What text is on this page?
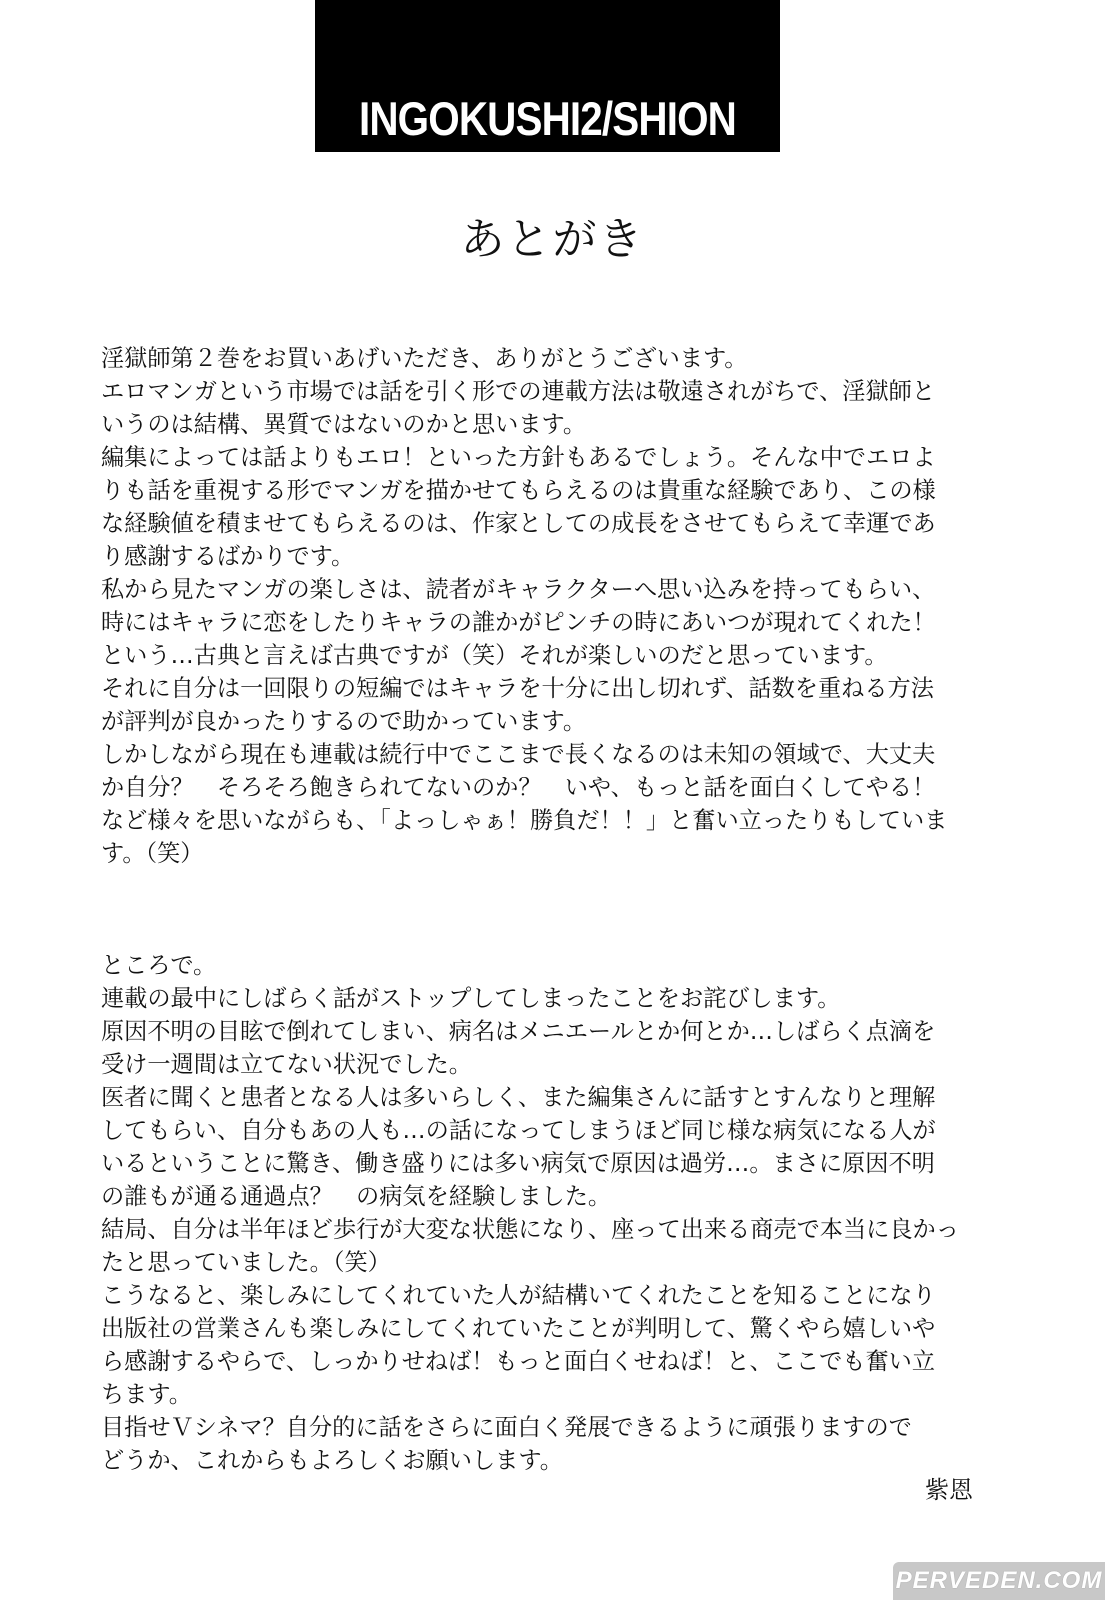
INGOKUSHI2/SHION
あとがき

淫獄師第２巻をお買いあげいただき、ありがとうございます。

エロマンガという市場では話を引く形での連載方法は敬遠されがちで、淫獄師と

いうのは結構、異質ではないのかと思います。

編集によっては話よりもエロ！といった方針もあるでしょう。そんな中でエロよ

りも話を重視する形でマンガを描かせてもらえるのは貴重な経験であり、この様

な経験値を積ませてもらえるのは、作家としての成長をさせてもらえて幸運であ

り感謝するばかりです。

私から見たマンガの楽しさは、読者がキャラクターへ思い込みを持ってもらい、

時にはキャラに恋をしたりキャラの誰かがピンチの時にあいつが現れてくれた！

という…古典と言えば古典ですが（笑）それが楽しいのだと思っています。

それに自分は一回限りの短編ではキャラを十分に出し切れず、話数を重ねる方法

が評判が良かったりするので助かっています。

しかしながら現在も連載は続行中でここまで長くなるのは未知の領域で、大丈夫

か自分？　そろそろ飽きられてないのか？　いや、もっと話を面白くしてやる！

など様々を思いながらも、「よっしゃぁ！勝負だ！！」と奮い立ったりもしていま

す。（笑）

ところで。

連載の最中にしばらく話がストップしてしまったことをお詫びします。

原因不明の目眩で倒れてしまい、病名はメニエールとか何とか…しばらく点滴を

受け一週間は立てない状況でした。

医者に聞くと患者となる人は多いらしく、また編集さんに話すとすんなりと理解

してもらい、自分もあの人も…の話になってしまうほど同じ様な病気になる人が

いるということに驚き、働き盛りには多い病気で原因は過労…。まさに原因不明

の誰もが通る通過点？　の病気を経験しました。

結局、自分は半年ほど歩行が大変な状態になり、座って出来る商売で本当に良かっ

たと思っていました。（笑）

こうなると、楽しみにしてくれていた人が結構いてくれたことを知ることになり

出版社の営業さんも楽しみにしてくれていたことが判明して、驚くやら嬉しいや

ら感謝するやらで、しっかりせねば！もっと面白くせねば！と、ここでも奮い立

ちます。

目指せＶシネマ？自分的に話をさらに面白く発展できるように頑張りますので

どうか、これからもよろしくお願いします。

紫恩
PERVEDEN.COM
